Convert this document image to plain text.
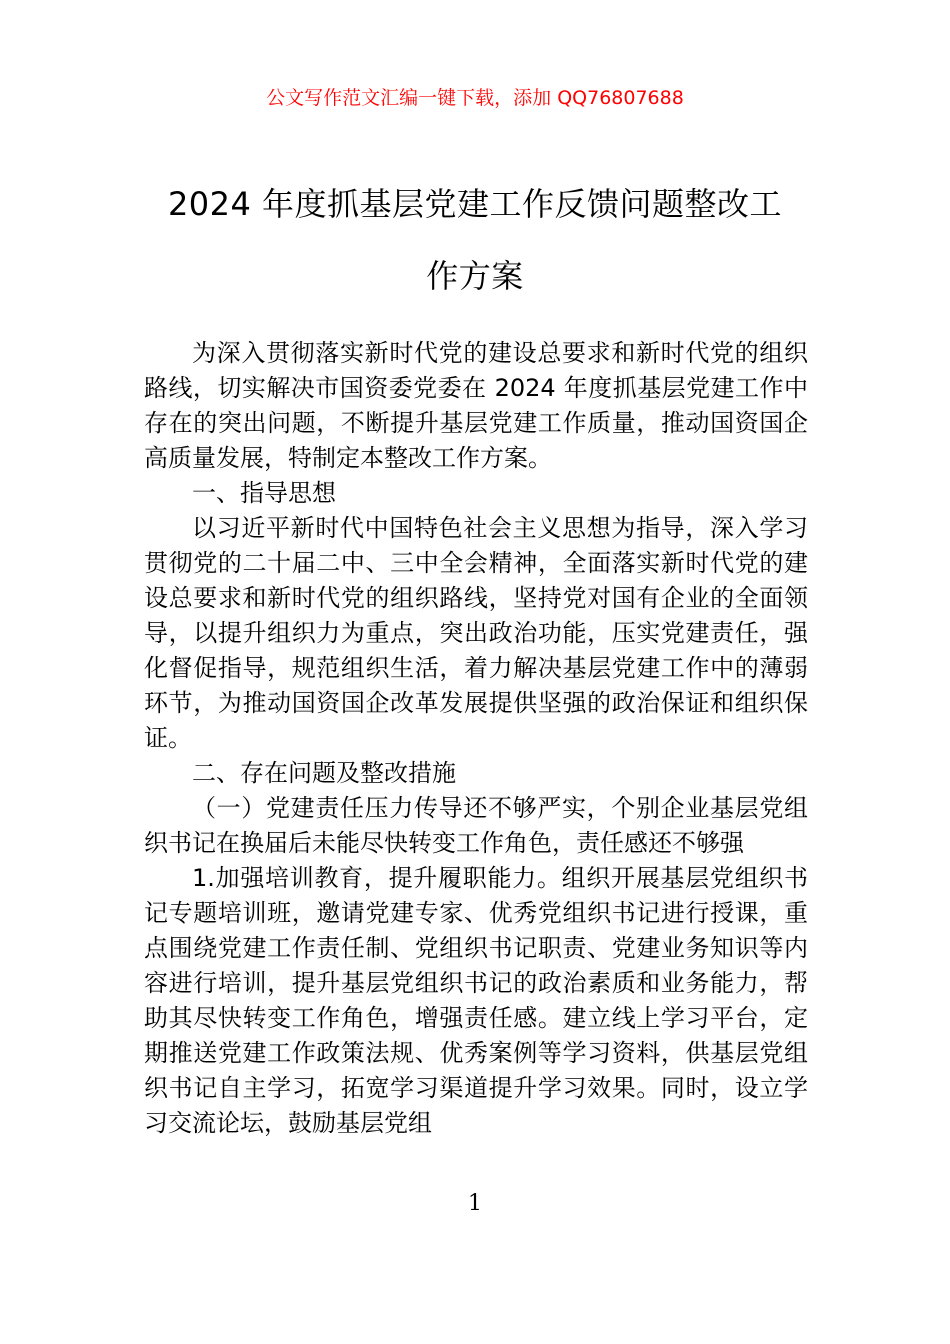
公文写作范文汇编一键下载，添加 QQ76807688
2024 年度抓基层党建工作反馈问题整改工
作方案

为深入贯彻落实新时代党的建设总要求和新时代党的组织路线，切实解决市国资委党委在 2024 年度抓基层党建工作中存在的突出问题，不断提升基层党建工作质量，推动国资国企高质量发展，特制定本整改工作方案。

一、指导思想

以习近平新时代中国特色社会主义思想为指导，深入学习贯彻党的二十届二中、三中全会精神，全面落实新时代党的建设总要求和新时代党的组织路线，坚持党对国有企业的全面领导，以提升组织力为重点，突出政治功能，压实党建责任，强化督促指导，规范组织生活，着力解决基层党建工作中的薄弱环节，为推动国资国企改革发展提供坚强的政治保证和组织保证。

二、存在问题及整改措施

（一）党建责任压力传导还不够严实，个别企业基层党组织书记在换届后未能尽快转变工作角色，责任感还不够强

1.加强培训教育，提升履职能力。组织开展基层党组织书记专题培训班，邀请党建专家、优秀党组织书记进行授课，重点围绕党建工作责任制、党组织书记职责、党建业务知识等内容进行培训，提升基层党组织书记的政治素质和业务能力，帮助其尽快转变工作角色，增强责任感。建立线上学习平台，定期推送党建工作政策法规、优秀案例等学习资料，供基层党组织书记自主学习，拓宽学习渠道提升学习效果。同时，设立学习交流论坛，鼓励基层党组

1
